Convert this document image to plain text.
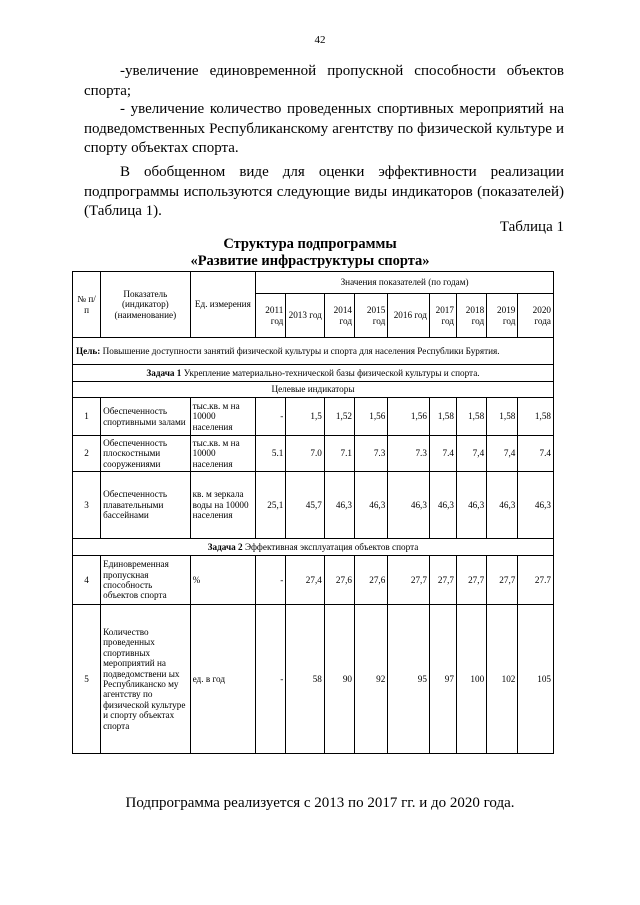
42
-увеличение единовременной пропускной способности объектов спорта;
- увеличение количество проведенных спортивных мероприятий на подведомственных Республиканскому агентству по физической культуре и спорту объектах спорта.
В обобщенном виде для оценки эффективности реализации подпрограммы используются следующие виды индикаторов (показателей) (Таблица 1).
Таблица 1
Структура подпрограммы
«Развитие инфраструктуры спорта»
№ п/п	Показатель (индикатор) (наименование)	Ед. измерения	Значения показателей (по годам)								
			2011 год	2013 год	2014 год	2015 год	2016 год	2017 год	2018 год	2019 год	2020 года
Цель: Повышение доступности занятий физической культуры и спорта для населения Республики Бурятия.											
Задача 1 Укрепление материально-технической базы физической культуры и спорта.											
Целевые индикаторы											
1	Обеспеченность спортивными залами	тыс.кв. м на 10000 населения	-	1,5	1,52	1,56	1,56	1,58	1,58	1,58	1,58
2	Обеспеченность плоскостными сооружениями	тыс.кв. м на 10000 населения	5.1	7.0	7.1	7.3	7.3	7.4	7,4	7,4	7.4
3	Обеспеченность плавательными бассейнами	кв. м зеркала воды на 10000 населения	25,1	45,7	46,3	46,3	46,3	46,3	46,3	46,3	46,3
Задача 2 Эффективная эксплуатация объектов спорта											
4	Единовременная пропускная способность объектов спорта	%	-	27,4	27,6	27,6	27,7	27,7	27,7	27,7	27.7
5	Количество проведенных спортивных мероприятий на подведомствени ых Республиканско му агентству по физической культуре и спорту объектах спорта	ед. в год	-	58	90	92	95	97	100	102	105
Подпрограмма реализуется с 2013 по 2017 гг. и до 2020 года.
